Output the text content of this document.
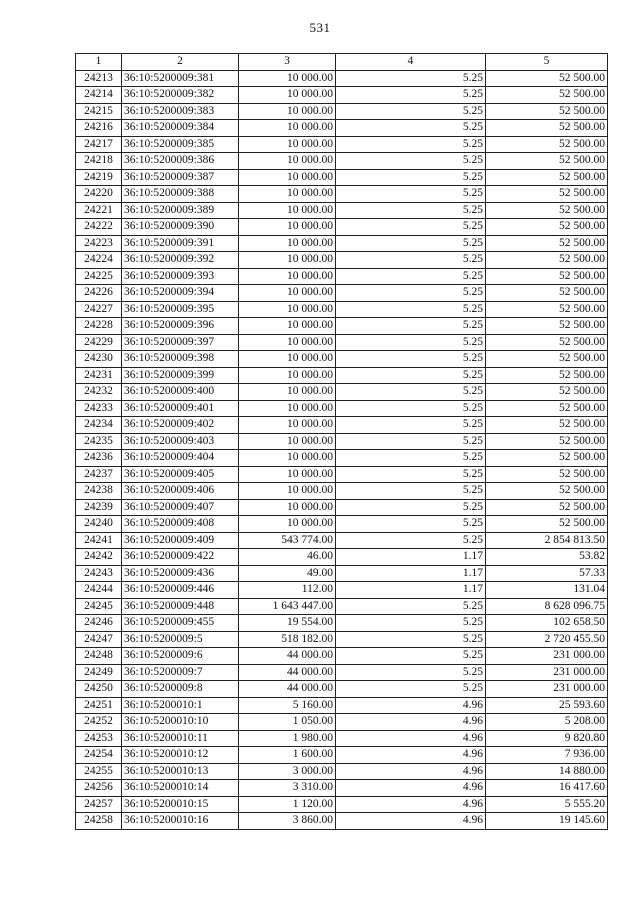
531
1	2	3	4	5
24213	36:10:5200009:381	10 000.00	5.25	52 500.00
24214	36:10:5200009:382	10 000.00	5.25	52 500.00
24215	36:10:5200009:383	10 000.00	5.25	52 500.00
24216	36:10:5200009:384	10 000.00	5.25	52 500.00
24217	36:10:5200009:385	10 000.00	5.25	52 500.00
24218	36:10:5200009:386	10 000.00	5.25	52 500.00
24219	36:10:5200009:387	10 000.00	5.25	52 500.00
24220	36:10:5200009:388	10 000.00	5.25	52 500.00
24221	36:10:5200009:389	10 000.00	5.25	52 500.00
24222	36:10:5200009:390	10 000.00	5.25	52 500.00
24223	36:10:5200009:391	10 000.00	5.25	52 500.00
24224	36:10:5200009:392	10 000.00	5.25	52 500.00
24225	36:10:5200009:393	10 000.00	5.25	52 500.00
24226	36:10:5200009:394	10 000.00	5.25	52 500.00
24227	36:10:5200009:395	10 000.00	5.25	52 500.00
24228	36:10:5200009:396	10 000.00	5.25	52 500.00
24229	36:10:5200009:397	10 000.00	5.25	52 500.00
24230	36:10:5200009:398	10 000.00	5.25	52 500.00
24231	36:10:5200009:399	10 000.00	5.25	52 500.00
24232	36:10:5200009:400	10 000.00	5.25	52 500.00
24233	36:10:5200009:401	10 000.00	5.25	52 500.00
24234	36:10:5200009:402	10 000.00	5.25	52 500.00
24235	36:10:5200009:403	10 000.00	5.25	52 500.00
24236	36:10:5200009:404	10 000.00	5.25	52 500.00
24237	36:10:5200009:405	10 000.00	5.25	52 500.00
24238	36:10:5200009:406	10 000.00	5.25	52 500.00
24239	36:10:5200009:407	10 000.00	5.25	52 500.00
24240	36:10:5200009:408	10 000.00	5.25	52 500.00
24241	36:10:5200009:409	543 774.00	5.25	2 854 813.50
24242	36:10:5200009:422	46.00	1.17	53.82
24243	36:10:5200009:436	49.00	1.17	57.33
24244	36:10:5200009:446	112.00	1.17	131.04
24245	36:10:5200009:448	1 643 447.00	5.25	8 628 096.75
24246	36:10:5200009:455	19 554.00	5.25	102 658.50
24247	36:10:5200009:5	518 182.00	5.25	2 720 455.50
24248	36:10:5200009:6	44 000.00	5.25	231 000.00
24249	36:10:5200009:7	44 000.00	5.25	231 000.00
24250	36:10:5200009:8	44 000.00	5.25	231 000.00
24251	36:10:5200010:1	5 160.00	4.96	25 593.60
24252	36:10:5200010:10	1 050.00	4.96	5 208.00
24253	36:10:5200010:11	1 980.00	4.96	9 820.80
24254	36:10:5200010:12	1 600.00	4.96	7 936.00
24255	36:10:5200010:13	3 000.00	4.96	14 880.00
24256	36:10:5200010:14	3 310.00	4.96	16 417.60
24257	36:10:5200010:15	1 120.00	4.96	5 555.20
24258	36:10:5200010:16	3 860.00	4.96	19 145.60
